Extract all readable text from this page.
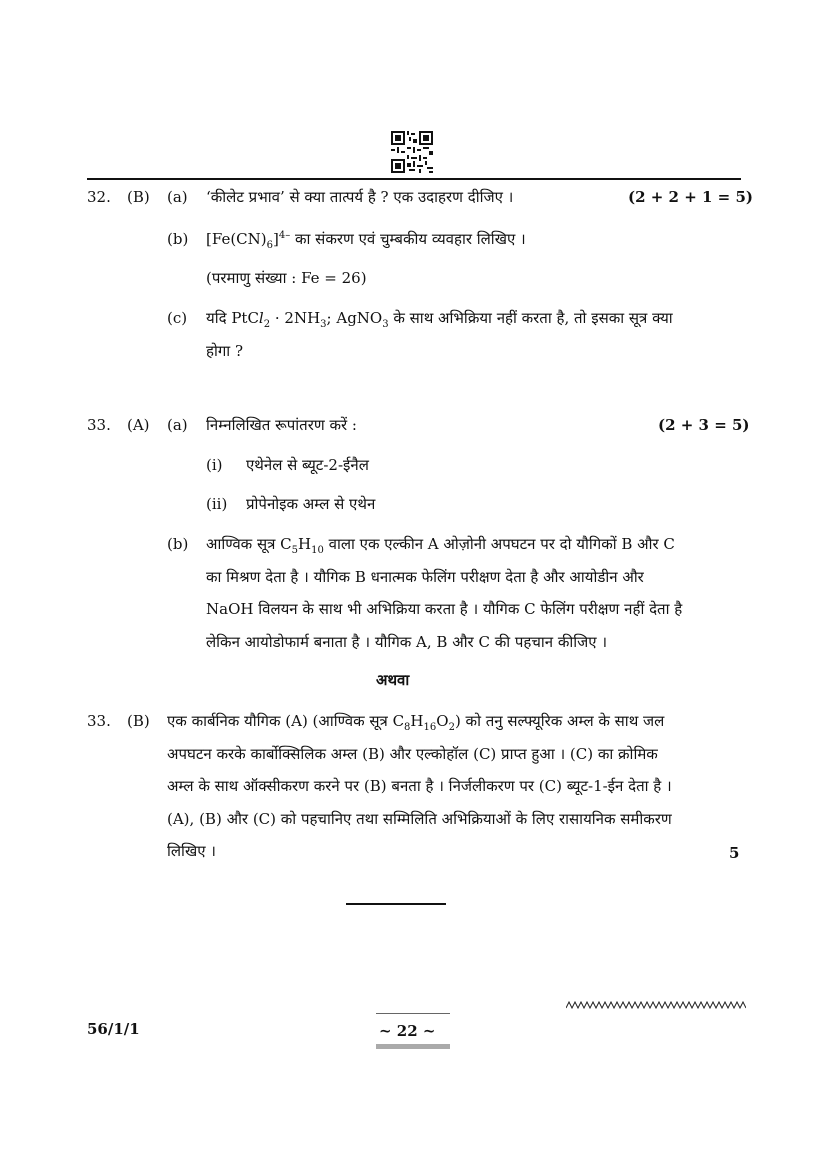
32. (B) (a) ‘कीलेट प्रभाव’ से क्या तात्पर्य है ? एक उदाहरण दीजिए ।	(2 + 2 + 1 = 5)
(b) $[Fe(CN)_6]^{4-}$ का संकरण एवं चुम्बकीय व्यवहार लिखिए ।
(परमाणु संख्या : Fe = 26)
(c) यदि PtCl$_2$ · $2NH_3$; AgNO$_3$ के साथ अभिक्रिया नहीं करता है, तो इसका सूत्र क्या
होगा ?
33. (A) (a) निम्नलिखित रूपांतरण करें :	(2 + 3 = 5)
(i) एथेनेल से ब्यूट-2-ईनैल
(ii) प्रोपेनोइक अम्ल से एथेन
(b) आण्विक सूत्र $C_5H_{10}$ वाला एक एल्कीन A ओज़ोनी अपघटन पर दो यौगिकों B और C
का मिश्रण देता है । यौगिक B धनात्मक फेलिंग परीक्षण देता है और आयोडीन और
NaOH विलयन के साथ भी अभिक्रिया करता है । यौगिक C फेलिंग परीक्षण नहीं देता है
लेकिन आयोडोफार्म बनाता है । यौगिक A, B और C की पहचान कीजिए ।
अथवा
33. (B) एक कार्बनिक यौगिक (A) (आण्विक सूत्र $C_8H_{16}O_2$) को तनु सल्फ्यूरिक अम्ल के साथ जल
अपघटन करके कार्बोक्सिलिक अम्ल (B) और एल्कोहॉल (C) प्राप्त हुआ । (C) का क्रोमिक
अम्ल के साथ ऑक्सीकरण करने पर (B) बनता है । निर्जलीकरण पर (C) ब्यूट-1-ईन देता है ।
(A), (B) और (C) को पहचानिए तथा सम्मिलिति अभिक्रियाओं के लिए रासायनिक समीकरण
लिखिए ।	5
56/1/1	~ 22 ~
